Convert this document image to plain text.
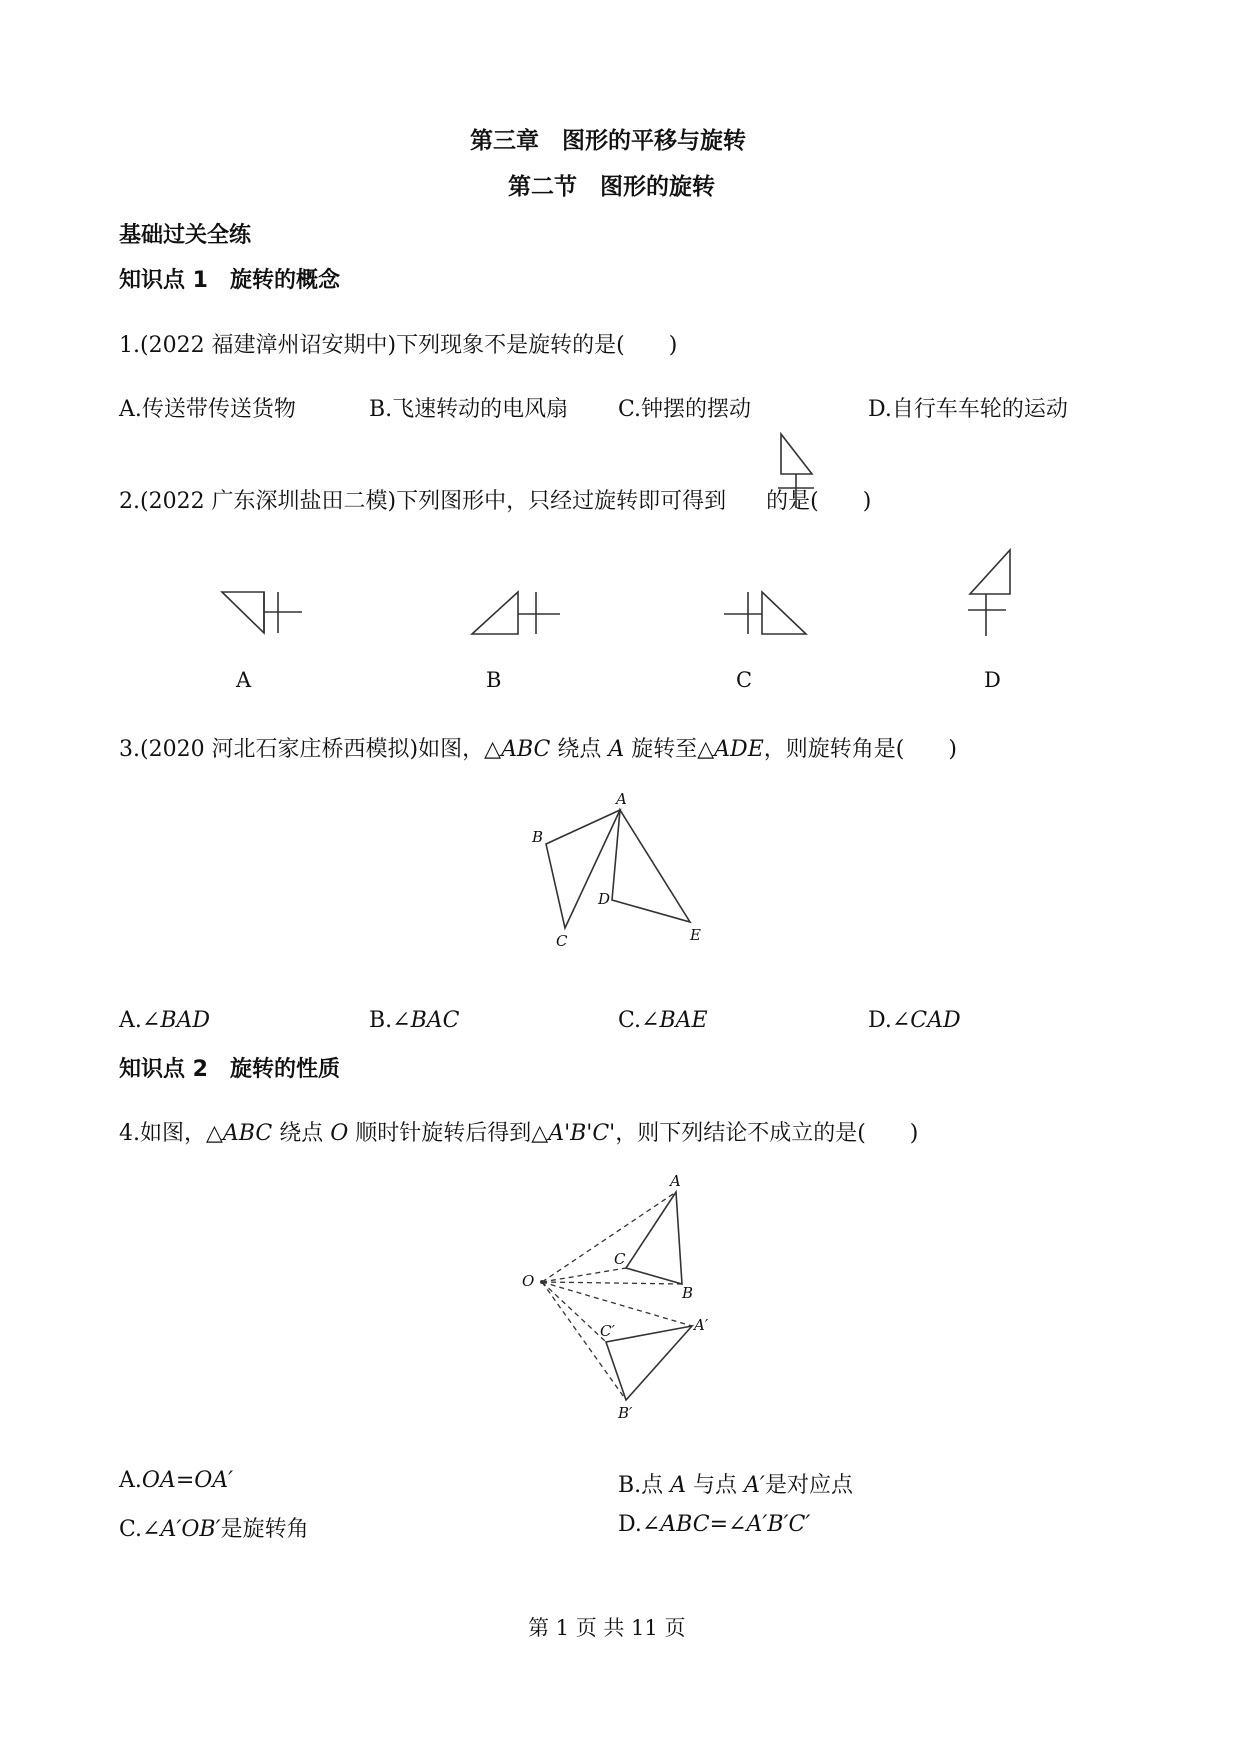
第三章　图形的平移与旋转
第二节　图形的旋转
基础过关全练
知识点 1　旋转的概念
1.(2022 福建漳州诏安期中)下列现象不是旋转的是(　　)
A.传送带传送货物	B.飞速转动的电风扇 C.钟摆的摆动	D.自行车车轮的运动
2.(2022 广东深圳盐田二模)下列图形中，只经过旋转即可得到 的是(　　)
A	B	C	D
3.(2020 河北石家庄桥西模拟)如图，△ABC 绕点 A 旋转至△ADE，则旋转角是(　　)
A
B
C
D
E
A.∠BAD	B.∠BAC	C.∠BAE	D.∠CAD
知识点 2　旋转的性质
4.如图，△ABC 绕点 O 顺时针旋转后得到△A'B'C'，则下列结论不成立的是(　　)
A
B
C
O
A′
B′
C′
A.OA=OA′	B.点 A 与点 A′是对应点
C.∠A′OB′是旋转角	D.∠ABC=∠A′B′C′
第 1 页 共 11 页
